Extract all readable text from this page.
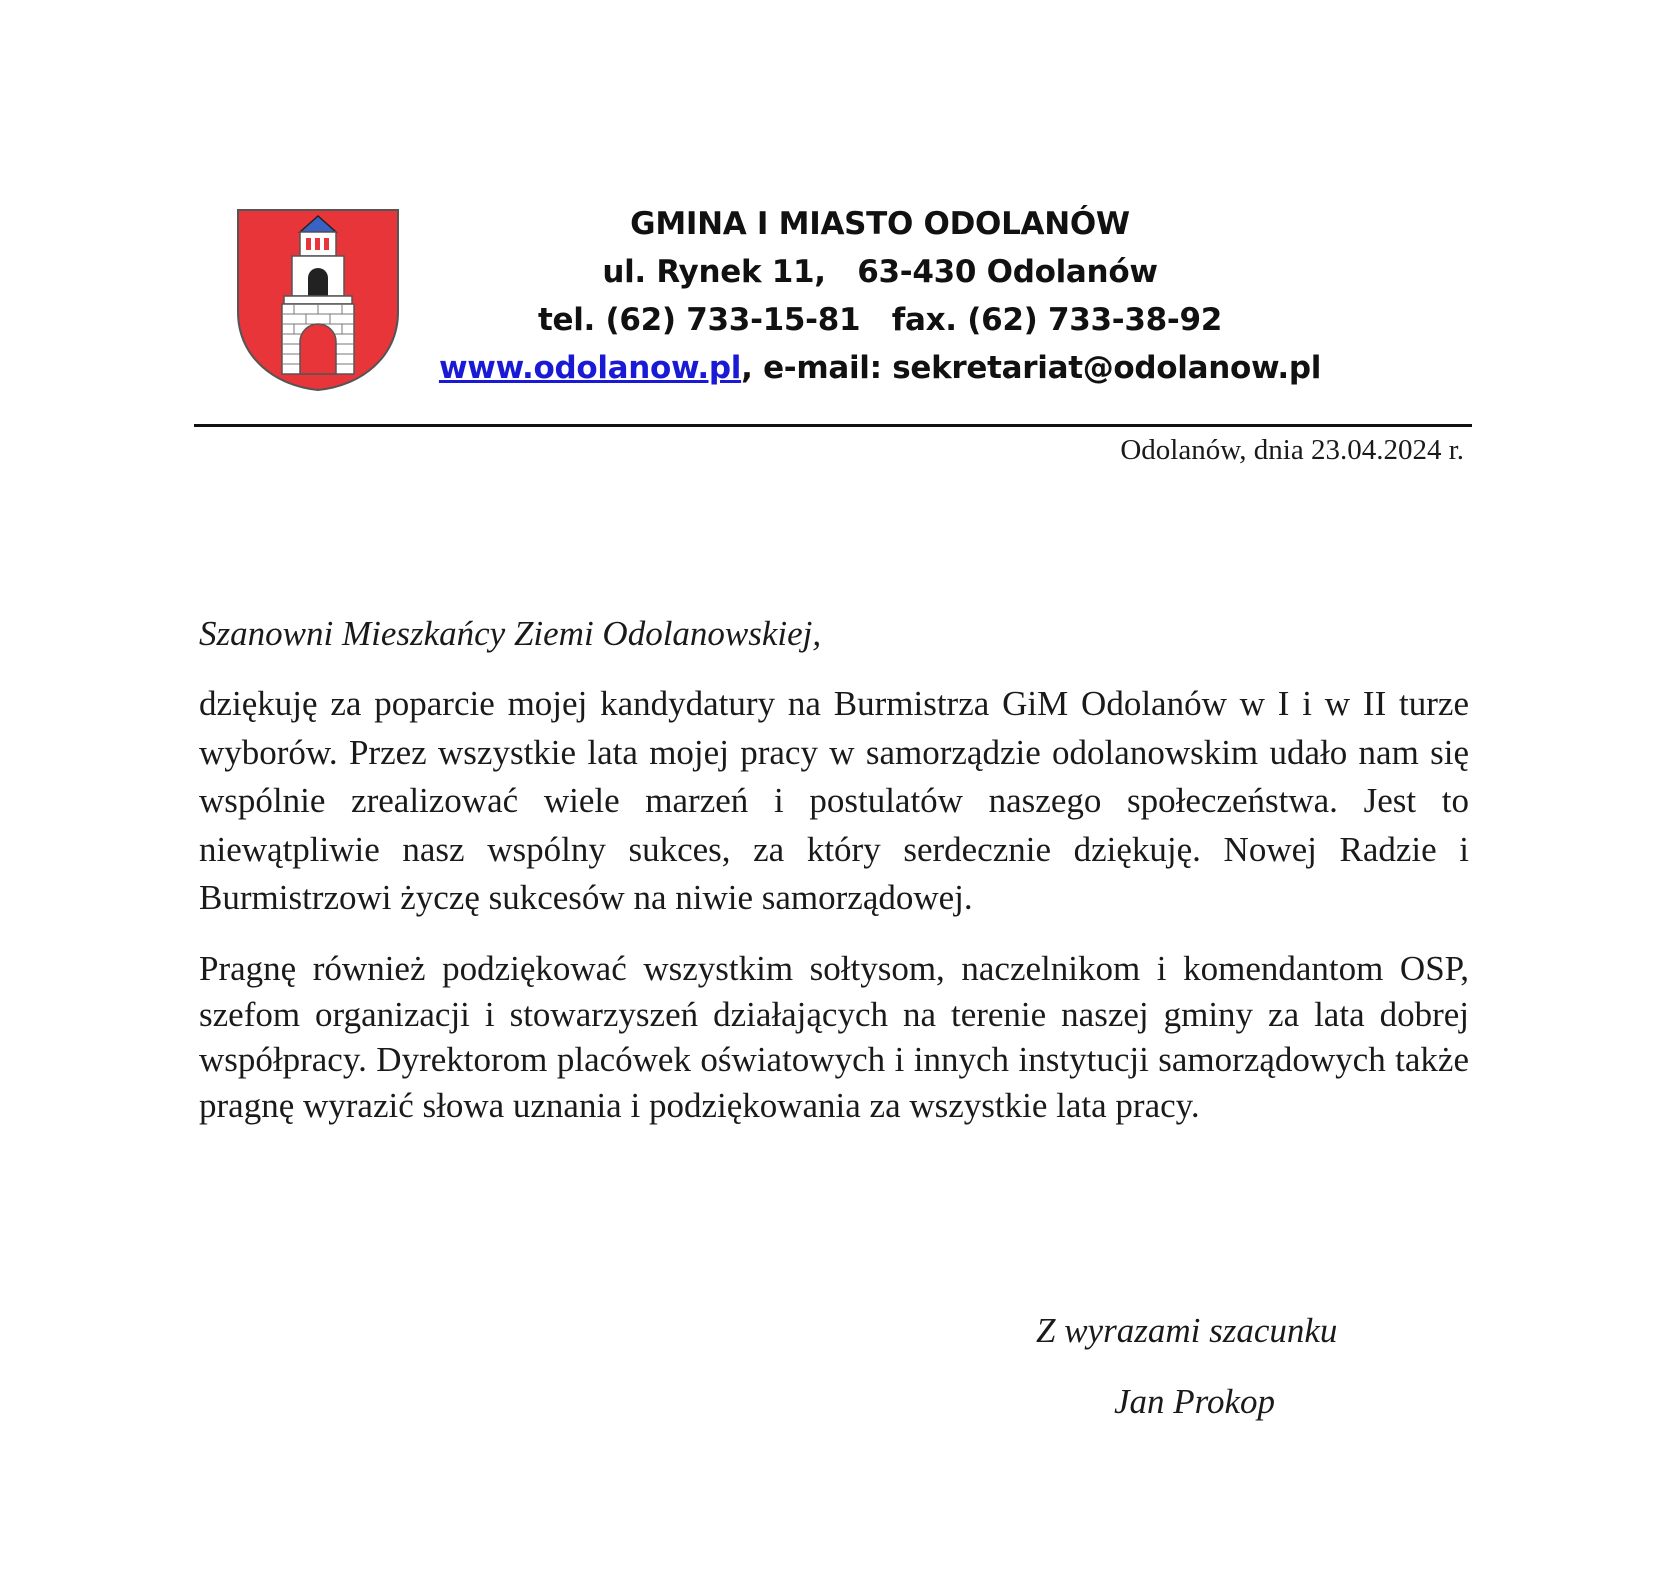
GMINA I MIASTO ODOLANÓW
ul. Rynek 11,   63-430 Odolanów
tel. (62) 733-15-81   fax. (62) 733-38-92
www.odolanow.pl, e-mail: sekretariat@odolanow.pl
Odolanów, dnia 23.04.2024 r.
Szanowni Mieszkańcy Ziemi Odolanowskiej,

dziękuję za poparcie mojej kandydatury na Burmistrza GiM Odolanów w I i w II turze wyborów. Przez wszystkie lata mojej pracy w samorządzie odolanowskim udało nam się wspólnie zrealizować wiele marzeń i postulatów naszego społeczeństwa. Jest to niewątpliwie nasz wspólny sukces, za który serdecznie dziękuję. Nowej Radzie i Burmistrzowi życzę sukcesów na niwie samorządowej.

Pragnę również podziękować wszystkim sołtysom, naczelnikom i komendantom OSP, szefom organizacji i stowarzyszeń działających na terenie naszej gminy za lata dobrej współpracy. Dyrektorom placówek oświatowych i innych instytucji samorządowych także pragnę wyrazić słowa uznania i podziękowania za wszystkie lata pracy.

Z wyrazami szacunku
Jan Prokop
